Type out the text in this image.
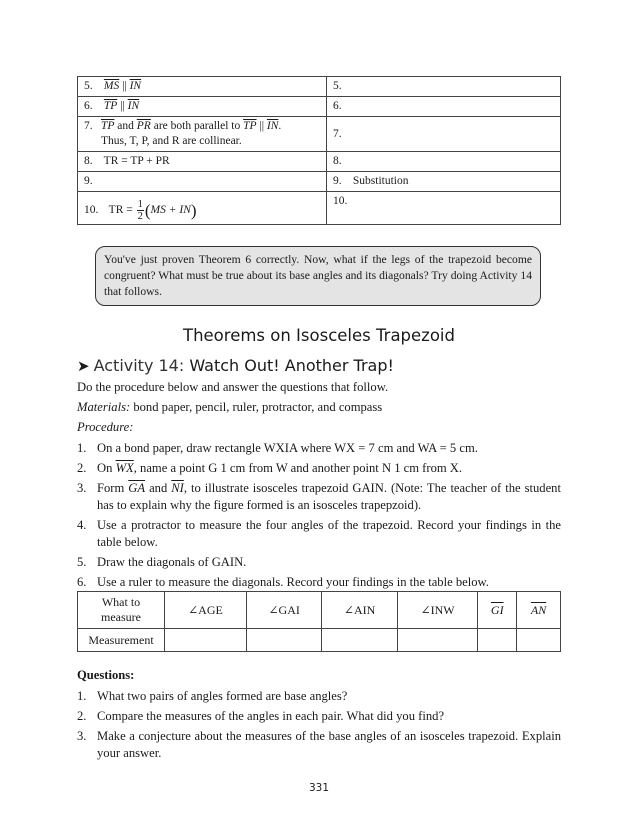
5. $\overline{MS}$ || $\overline{IN}$	5.
6. $\overline{TP}$ || $\overline{IN}$	6.

7. $\overline{TP}$ and $\overline{PR}$ are both parallel to $\overline{TP}$ || $\overline{IN}$.
Thus, T, P, and R are collinear.	7.
8. TR = TP + PR	8.
9.	9. Substitution
10. TR = $\frac{1}{2} (MS + IN)$	10.
You've just proven Theorem 6 correctly. Now, what if the legs of the trapezoid become congruent? What must be true about its base angles and its diagonals? Try doing Activity 14 that follows.
Theorems on Isosceles Trapezoid
➤ Activity 14: Watch Out! Another Trap!
Do the procedure below and answer the questions that follow.
Materials: bond paper, pencil, ruler, protractor, and compass
Procedure:
1. On a bond paper, draw rectangle WXIA where WX = 7 cm and WA = 5 cm.
2. On $\overline{WX}$, name a point G 1 cm from W and another point N 1 cm from X.
3. Form $\overline{GA}$ and $\overline{NI}$, to illustrate isosceles trapezoid GAIN. (Note: The teacher of the student has to explain why the figure formed is an isosceles trapepzoid).
4. Use a protractor to measure the four angles of the trapezoid. Record your findings in the table below.
5. Draw the diagonals of GAIN.
6. Use a ruler to measure the diagonals. Record your findings in the table below.
What to measure	∠AGE	∠GAI	∠AIN	∠INW	$\overline{GI}$	$\overline{AN}$
Measurement						
Questions:
1. What two pairs of angles formed are base angles?
2. Compare the measures of the angles in each pair. What did you find?
3. Make a conjecture about the measures of the base angles of an isosceles trapezoid. Explain your answer.
331
